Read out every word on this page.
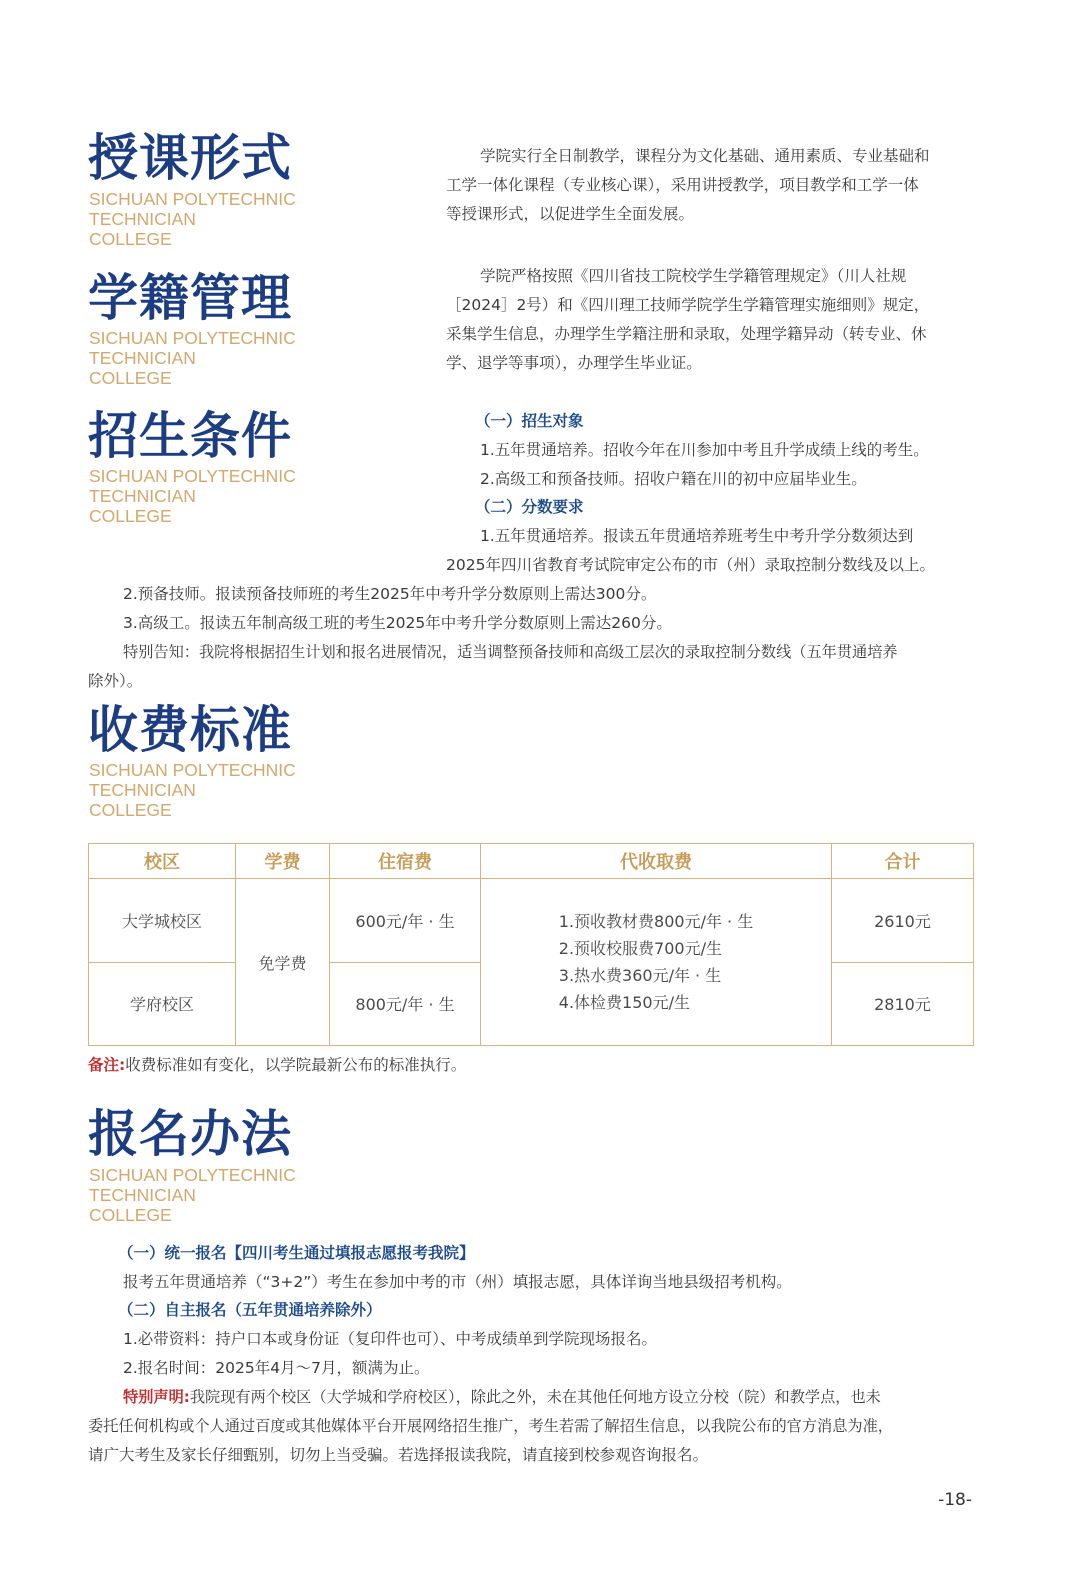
授课形式
SICHUAN POLYTECHNIC
TECHNICIAN
COLLEGE
学院实行全日制教学，课程分为文化基础、通用素质、专业基础和
工学一体化课程（专业核心课），采用讲授教学，项目教学和工学一体
等授课形式，以促进学生全面发展。
学籍管理
SICHUAN POLYTECHNIC
TECHNICIAN
COLLEGE
学院严格按照《四川省技工院校学生学籍管理规定》（川人社规
［2024］2号）和《四川理工技师学院学生学籍管理实施细则》规定，
采集学生信息，办理学生学籍注册和录取，处理学籍异动（转专业、休
学、退学等事项），办理学生毕业证。
招生条件
SICHUAN POLYTECHNIC
TECHNICIAN
COLLEGE
（一）招生对象
1.五年贯通培养。招收今年在川参加中考且升学成绩上线的考生。
2.高级工和预备技师。招收户籍在川的初中应届毕业生。
（二）分数要求
1.五年贯通培养。报读五年贯通培养班考生中考升学分数须达到
2025年四川省教育考试院审定公布的市（州）录取控制分数线及以上。
2.预备技师。报读预备技师班的考生2025年中考升学分数原则上需达300分。
3.高级工。报读五年制高级工班的考生2025年中考升学分数原则上需达260分。
特别告知：我院将根据招生计划和报名进展情况，适当调整预备技师和高级工层次的录取控制分数线（五年贯通培养
除外）。
收费标准
SICHUAN POLYTECHNIC
TECHNICIAN
COLLEGE
校区	学费	住宿费	代收取费	合计
大学城校区	免学费	600元/年 · 生	1.预收教材费800元/年 · 生
2.预收校服费700元/生
3.热水费360元/年 · 生
4.体检费150元/生	2610元
学府校区		800元/年 · 生		2810元
备注:收费标准如有变化，以学院最新公布的标准执行。
报名办法
SICHUAN POLYTECHNIC
TECHNICIAN
COLLEGE
（一）统一报名【四川考生通过填报志愿报考我院】
报考五年贯通培养（“3+2”）考生在参加中考的市（州）填报志愿，具体详询当地县级招考机构。
（二）自主报名（五年贯通培养除外）
1.必带资料：持户口本或身份证（复印件也可）、中考成绩单到学院现场报名。
2.报名时间：2025年4月～7月，额满为止。
特别声明:我院现有两个校区（大学城和学府校区），除此之外，未在其他任何地方设立分校（院）和教学点，也未
委托任何机构或个人通过百度或其他媒体平台开展网络招生推广，考生若需了解招生信息，以我院公布的官方消息为准，
请广大考生及家长仔细甄别，切勿上当受骗。若选择报读我院，请直接到校参观咨询报名。
-18-
